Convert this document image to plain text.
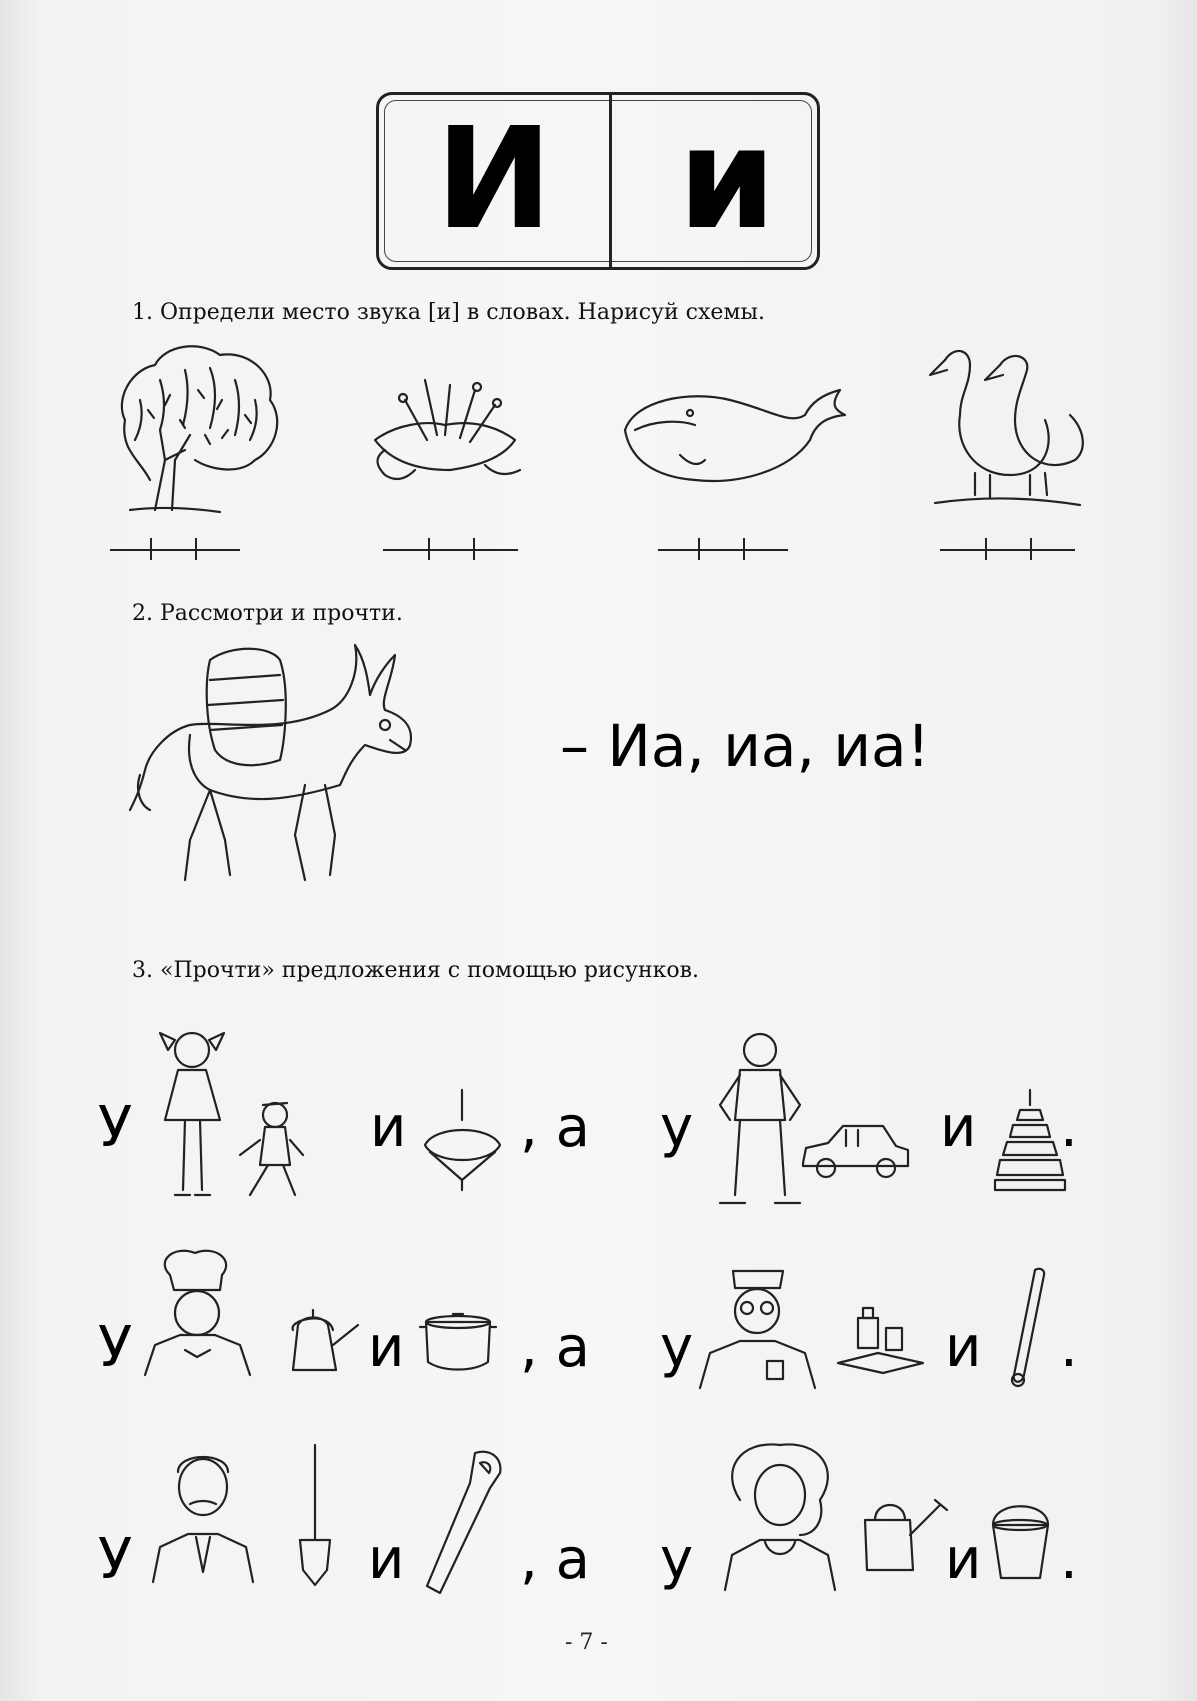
И и
1. Определи место звука [и] в словах. Нарисуй схемы.
2. Рассмотри и прочти.
– Иа, иа, иа!
3. «Прочти» предложения с помощью рисунков.
У	и , а у	и .
У	и , а у	и .
У	и , а у	и .
- 7 -
